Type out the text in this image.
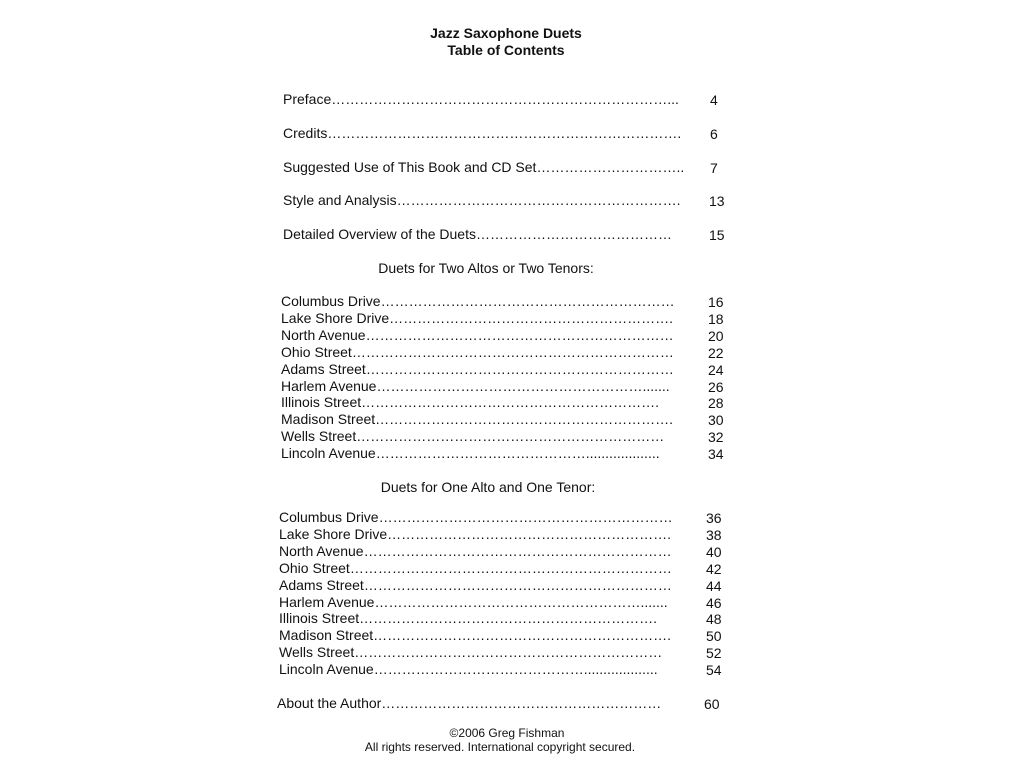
Jazz Saxophone Duets
Table of Contents
Preface………………………………………………………………...	4
Credits………………………………………………………………….	6
Suggested Use of This Book and CD Set…………………………..	7
Style and Analysis…………………………………………………….	13
Detailed Overview of the Duets……………………………………	15
Duets for Two Altos or Two Tenors:
Columbus Drive………………………………………………………	16
Lake Shore Drive…………………………………………………….	18
North Avenue…………………………………………………………	20
Ohio Street……………………………………………………………	22
Adams Street…………………………………………………………	24
Harlem Avenue………………………………………………….......	26
Illinois Street……………………………………………………….	28
Madison Street……………………………………………………….	30
Wells Street…………………………………………………………	32
Lincoln Avenue………………………………………...................	34
Duets for One Alto and One Tenor:
Columbus Drive………………………………………………………	36
Lake Shore Drive…………………………………………………….	38
North Avenue…………………………………………………………	40
Ohio Street……………………………………………………………	42
Adams Street…………………………………………………………	44
Harlem Avenue………………………………………………….......	46
Illinois Street……………………………………………………….	48
Madison Street……………………………………………………….	50
Wells Street…………………………………………………………	52
Lincoln Avenue………………………………………...................	54
About the Author……………………………………………………	60
©2006 Greg Fishman
All rights reserved. International copyright secured.
